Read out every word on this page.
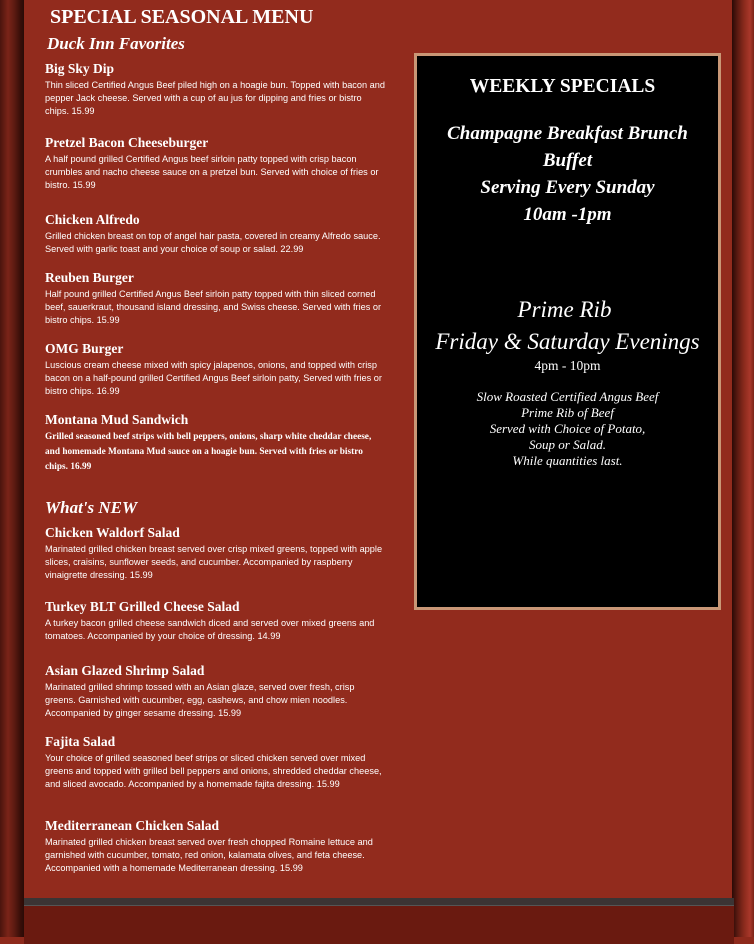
SPECIAL SEASONAL MENU
Duck Inn Favorites
Big Sky Dip

Thin sliced Certified Angus Beef piled high on a hoagie bun. Topped with bacon and pepper Jack cheese. Served with a cup of au jus for dipping and fries or bistro chips. 15.99

Pretzel Bacon Cheeseburger

A half pound grilled Certified Angus beef sirloin patty topped with crisp bacon crumbles and nacho cheese sauce on a pretzel bun. Served with choice of fries or bistro. 15.99

Chicken Alfredo

Grilled chicken breast on top of angel hair pasta, covered in creamy Alfredo sauce. Served with garlic toast and your choice of soup or salad. 22.99

Reuben Burger

Half pound grilled Certified Angus Beef sirloin patty topped with thin sliced corned beef, sauerkraut, thousand island dressing, and Swiss cheese. Served with fries or bistro chips. 15.99

OMG Burger

Luscious cream cheese mixed with spicy jalapenos, onions, and topped with crisp bacon on a half-pound grilled Certified Angus Beef sirloin patty, Served with fries or bistro chips. 16.99

Montana Mud Sandwich

Grilled seasoned beef strips with bell peppers, onions, sharp white cheddar cheese, and homemade Montana Mud sauce on a hoagie bun. Served with fries or bistro chips. 16.99

What's NEW
Chicken Waldorf Salad

Marinated grilled chicken breast served over crisp mixed greens, topped with apple slices, craisins, sunflower seeds, and cucumber. Accompanied by raspberry vinaigrette dressing. 15.99

Turkey BLT Grilled Cheese Salad

A turkey bacon grilled cheese sandwich diced and served over mixed greens and tomatoes. Accompanied by your choice of dressing. 14.99

Asian Glazed Shrimp Salad

Marinated grilled shrimp tossed with an Asian glaze, served over fresh, crisp greens. Garnished with cucumber, egg, cashews, and chow mien noodles. Accompanied by ginger sesame dressing. 15.99

Fajita Salad

Your choice of grilled seasoned beef strips or sliced chicken served over mixed greens and topped with grilled bell peppers and onions, shredded cheddar cheese, and sliced avocado. Accompanied by a homemade fajita dressing. 15.99

Mediterranean Chicken Salad

Marinated grilled chicken breast served over fresh chopped Romaine lettuce and garnished with cucumber, tomato, red onion, kalamata olives, and feta cheese. Accompanied with a homemade Mediterranean dressing. 15.99

WEEKLY SPECIALS
Champagne Breakfast Brunch
Buffet
Serving Every Sunday
10am -1pm
Prime Rib
Friday & Saturday Evenings
4pm - 10pm
Slow Roasted Certified Angus Beef
Prime Rib of Beef
Served with Choice of Potato,
Soup or Salad.
While quantities last.
